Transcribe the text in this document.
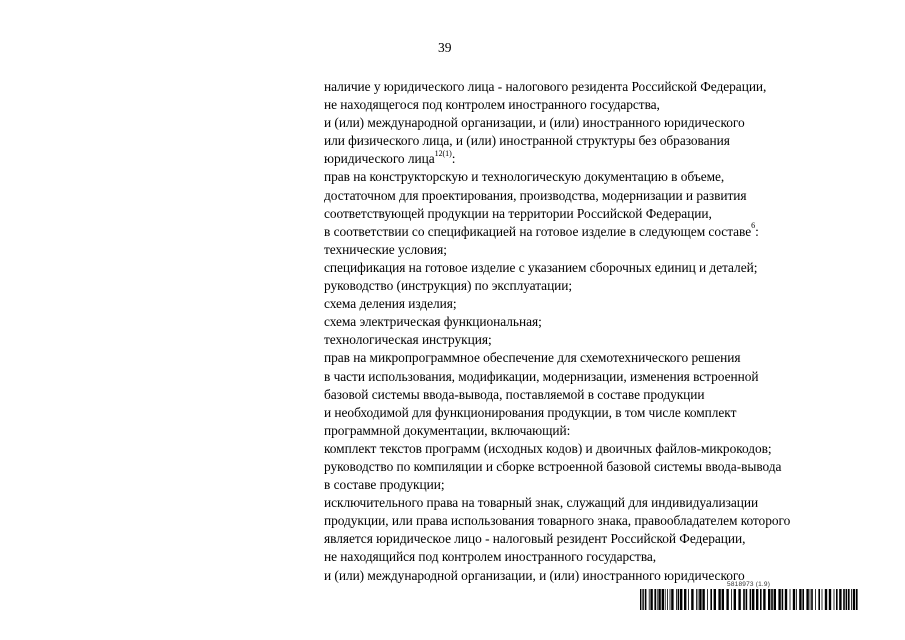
39
наличие у юридического лица - налогового резидента Российской Федерации,
не находящегося под контролем иностранного государства,
и (или) международной организации, и (или) иностранного юридического
или физического лица, и (или) иностранной структуры без образования
юридического лица$^{12(1)}$:
прав на конструкторскую и технологическую документацию в объеме,
достаточном для проектирования, производства, модернизации и развития
соответствующей продукции на территории Российской Федерации,
в соответствии со спецификацией на готовое изделие в следующем составе$^6$:
технические условия;
спецификация на готовое изделие с указанием сборочных единиц и деталей;
руководство (инструкция) по эксплуатации;
схема деления изделия;
схема электрическая функциональная;
технологическая инструкция;
прав на микропрограммное обеспечение для схемотехнического решения
в части использования, модификации, модернизации, изменения встроенной
базовой системы ввода-вывода, поставляемой в составе продукции
и необходимой для функционирования продукции, в том числе комплект
программной документации, включающий:
комплект текстов программ (исходных кодов) и двоичных файлов-микрокодов;
руководство по компиляции и сборке встроенной базовой системы ввода-вывода
в составе продукции;
исключительного права на товарный знак, служащий для индивидуализации
продукции, или права использования товарного знака, правообладателем которого
является юридическое лицо - налоговый резидент Российской Федерации,
не находящийся под контролем иностранного государства,
и (или) международной организации, и (или) иностранного юридического
5818973 (1.9)
